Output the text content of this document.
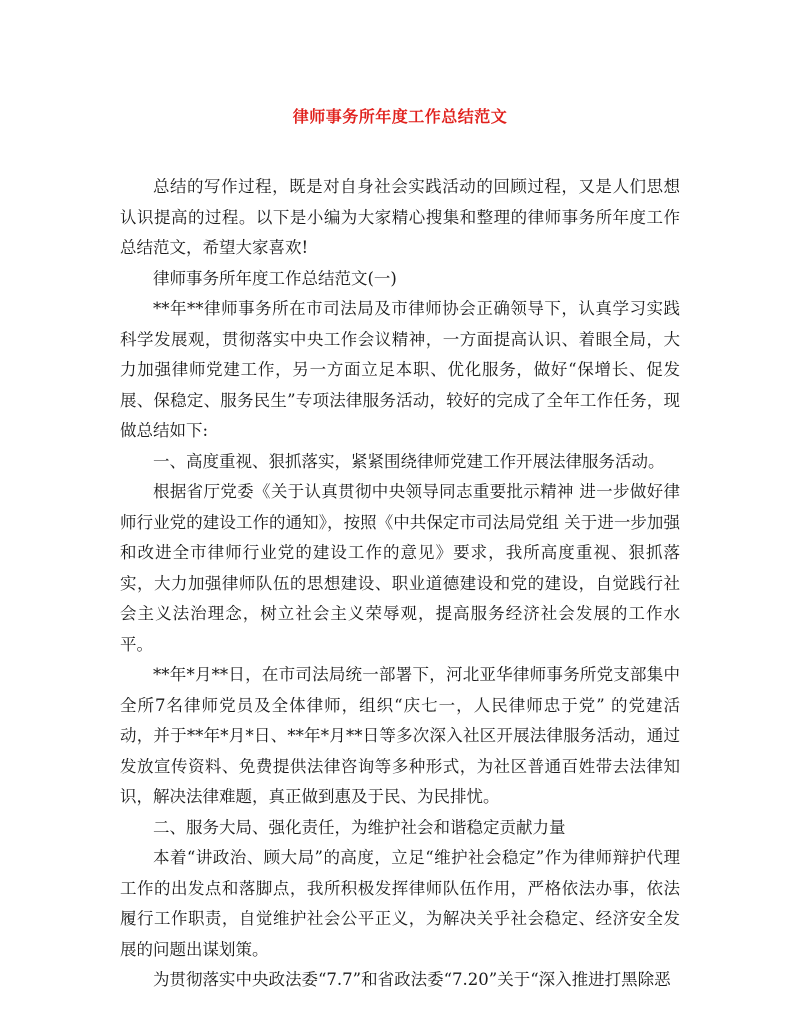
律师事务所年度工作总结范文

总结的写作过程，既是对自身社会实践活动的回顾过程，又是人们思想认识提高的过程。以下是小编为大家精心搜集和整理的律师事务所年度工作总结范文，希望大家喜欢!

律师事务所年度工作总结范文(一)

**年**律师事务所在市司法局及市律师协会正确领导下，认真学习实践科学发展观，贯彻落实中央工作会议精神，一方面提高认识、着眼全局，大力加强律师党建工作，另一方面立足本职、优化服务，做好“保增长、促发展、保稳定、服务民生”专项法律服务活动，较好的完成了全年工作任务，现做总结如下:

一、高度重视、狠抓落实，紧紧围绕律师党建工作开展法律服务活动。

根据省厅党委《关于认真贯彻中央领导同志重要批示精神 进一步做好律师行业党的建设工作的通知》，按照《中共保定市司法局党组 关于进一步加强和改进全市律师行业党的建设工作的意见》要求，我所高度重视、狠抓落实，大力加强律师队伍的思想建设、职业道德建设和党的建设，自觉践行社会主义法治理念，树立社会主义荣辱观，提高服务经济社会发展的工作水平。

**年*月**日，在市司法局统一部署下，河北亚华律师事务所党支部集中全所7名律师党员及全体律师，组织“庆七一，人民律师忠于党” 的党建活动，并于**年*月*日、**年*月**日等多次深入社区开展法律服务活动，通过发放宣传资料、免费提供法律咨询等多种形式，为社区普通百姓带去法律知识，解决法律难题，真正做到惠及于民、为民排忧。

二、服务大局、强化责任，为维护社会和谐稳定贡献力量

本着“讲政治、顾大局”的高度，立足“维护社会稳定”作为律师辩护代理工作的出发点和落脚点，我所积极发挥律师队伍作用，严格依法办事，依法履行工作职责，自觉维护社会公平正义，为解决关乎社会稳定、经济安全发展的问题出谋划策。

为贯彻落实中央政法委“7.7”和省政法委“7.20”关于“深入推进打黑除恶
